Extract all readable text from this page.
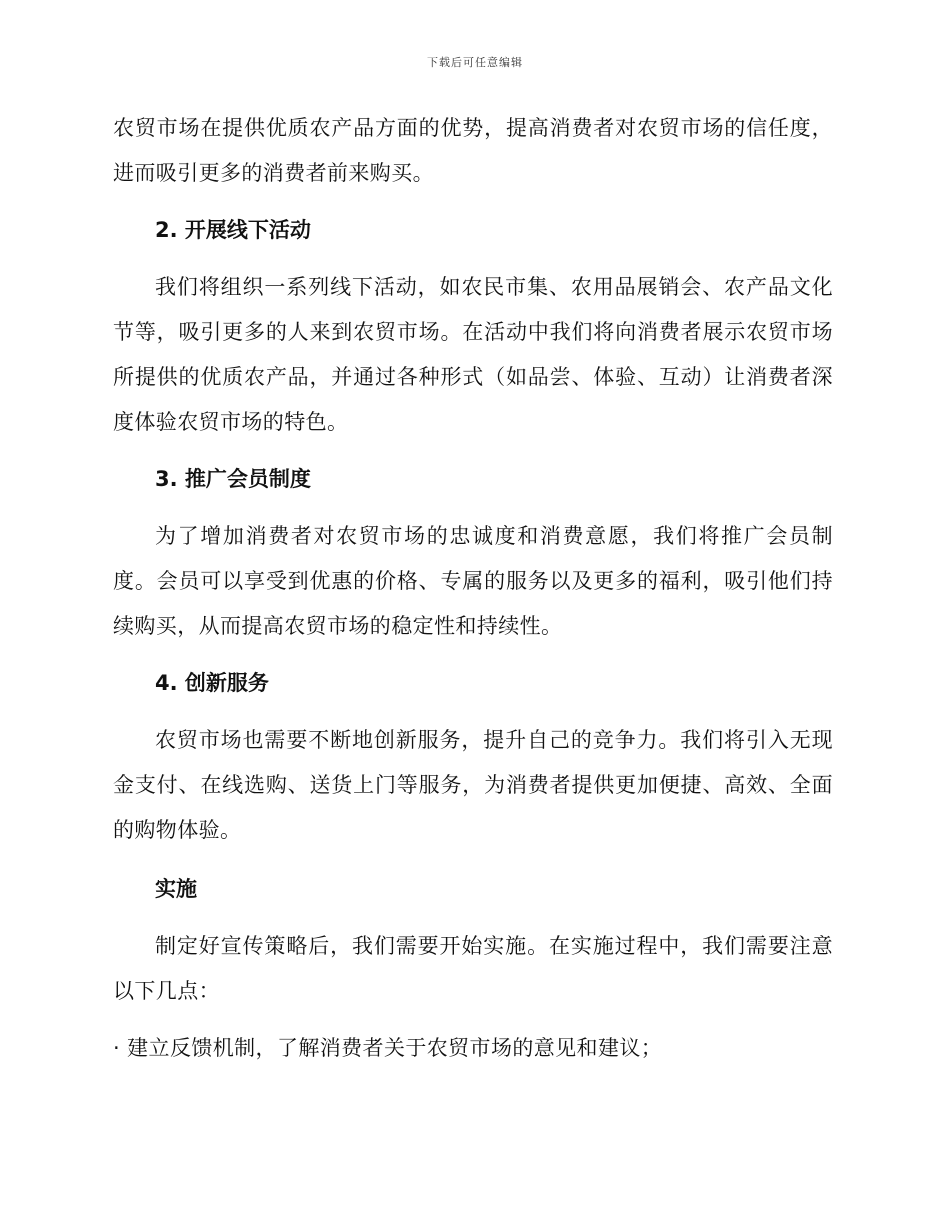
下载后可任意编辑

农贸市场在提供优质农产品方面的优势，提高消费者对农贸市场的信任度，进而吸引更多的消费者前来购买。

2. 开展线下活动

我们将组织一系列线下活动，如农民市集、农用品展销会、农产品文化节等，吸引更多的人来到农贸市场。在活动中我们将向消费者展示农贸市场所提供的优质农产品，并通过各种形式（如品尝、体验、互动）让消费者深度体验农贸市场的特色。

3. 推广会员制度

为了增加消费者对农贸市场的忠诚度和消费意愿，我们将推广会员制度。会员可以享受到优惠的价格、专属的服务以及更多的福利，吸引他们持续购买，从而提高农贸市场的稳定性和持续性。

4. 创新服务

农贸市场也需要不断地创新服务，提升自己的竞争力。我们将引入无现金支付、在线选购、送货上门等服务，为消费者提供更加便捷、高效、全面的购物体验。

实施

制定好宣传策略后，我们需要开始实施。在实施过程中，我们需要注意以下几点：

· 建立反馈机制，了解消费者关于农贸市场的意见和建议；
